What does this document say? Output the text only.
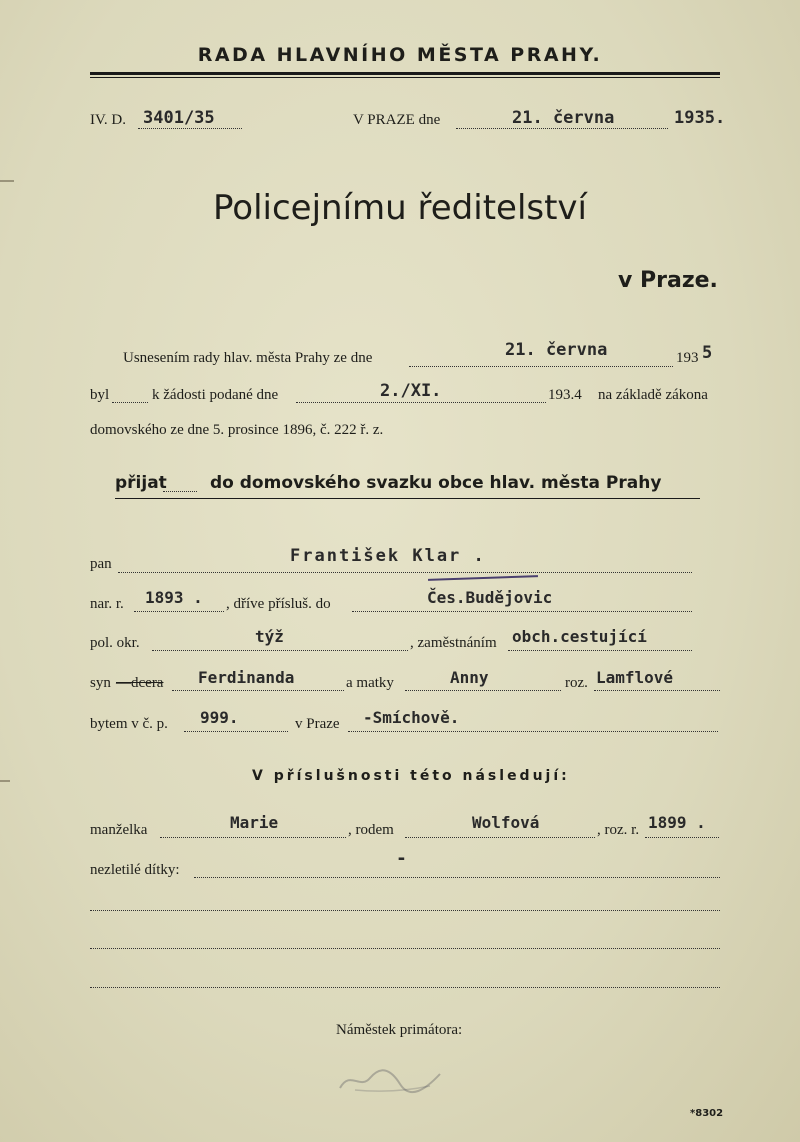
RADA HLAVNÍHO MĚSTA PRAHY.
IV. D. 3401/35	V PRAZE dne	21. června	1935.
Policejnímu ředitelství
v Praze.
Usnesením rady hlav. města Prahy ze dne	21. června	193 5
byl	k žádosti podané dne	2./XI.	193.4 na základě zákona
domovského ze dne 5. prosince 1896, č. 222 ř. z.
přijat	do domovského svazku obce hlav. města Prahy
pan	František Klar .
nar. r. 1893 . , dříve přísluš. do	Čes.Budějovic
pol. okr.	týž	, zaměstnáním obch.cestující
syn —dcera Ferdinanda	a matky	Anny	roz. Lamflové
bytem v č. p. 999.	v Praze -Smíchově.
V příslušnosti této následují:
manželka	Marie	, rodem	Wolfová	, roz. r. 1899 .
nezletilé dítky:
-
Náměstek primátora:
*8302
